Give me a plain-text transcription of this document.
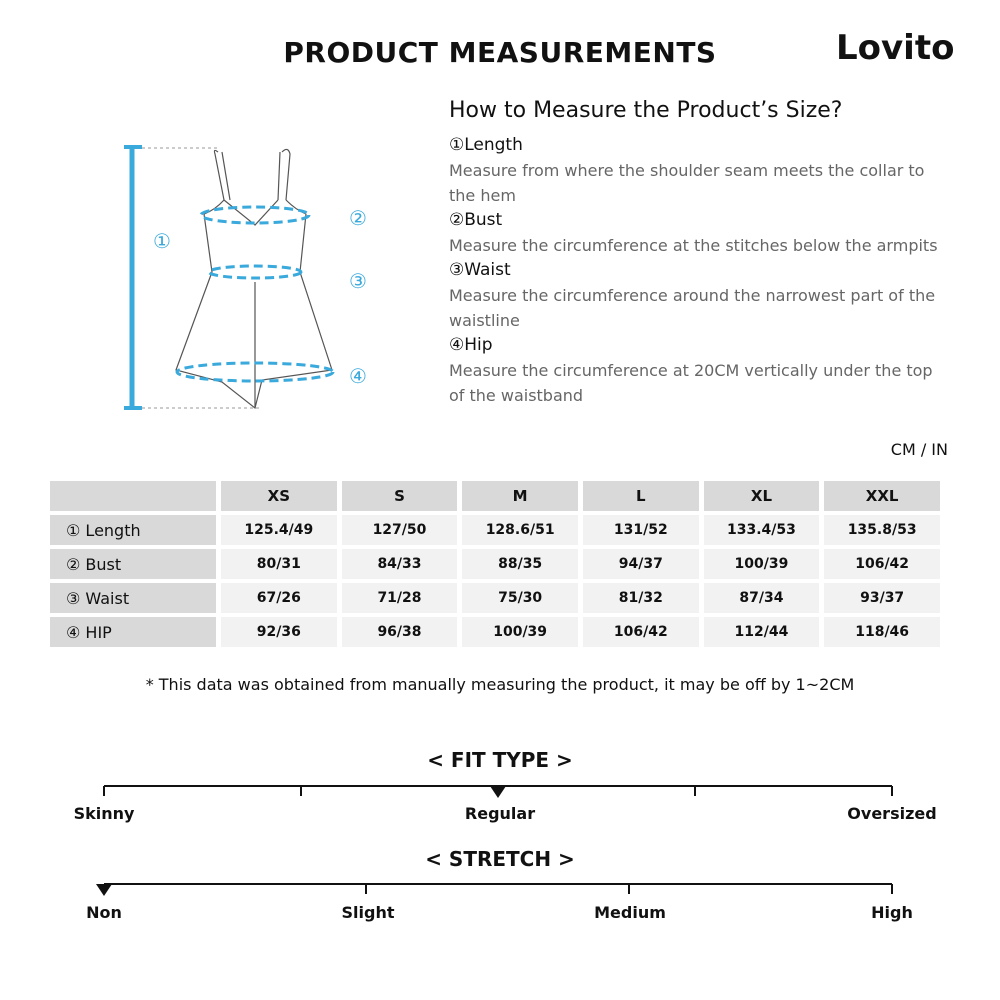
PRODUCT MEASUREMENTS	Lovito
①
②
③
④
How to Measure the Product’s Size?
①Length
Measure from where the shoulder seam meets the collar to the hem
②Bust
Measure the circumference at the stitches below the armpits
③Waist
Measure the circumference around the narrowest part of the waistline
④Hip
Measure the circumference at 20CM vertically under the top of the waistband
CM / IN
	XS	S	M	L	XL	XXL
① Length	125.4/49	127/50	128.6/51	131/52	133.4/53	135.8/53
② Bust	80/31	84/33	88/35	94/37	100/39	106/42
③ Waist	67/26	71/28	75/30	81/32	87/34	93/37
④ HIP	92/36	96/38	100/39	106/42	112/44	118/46
* This data was obtained from manually measuring the product, it may be off by 1~2CM
< FIT TYPE >
Skinny	Regular	Oversized
< STRETCH >
Non	Slight	Medium	High
